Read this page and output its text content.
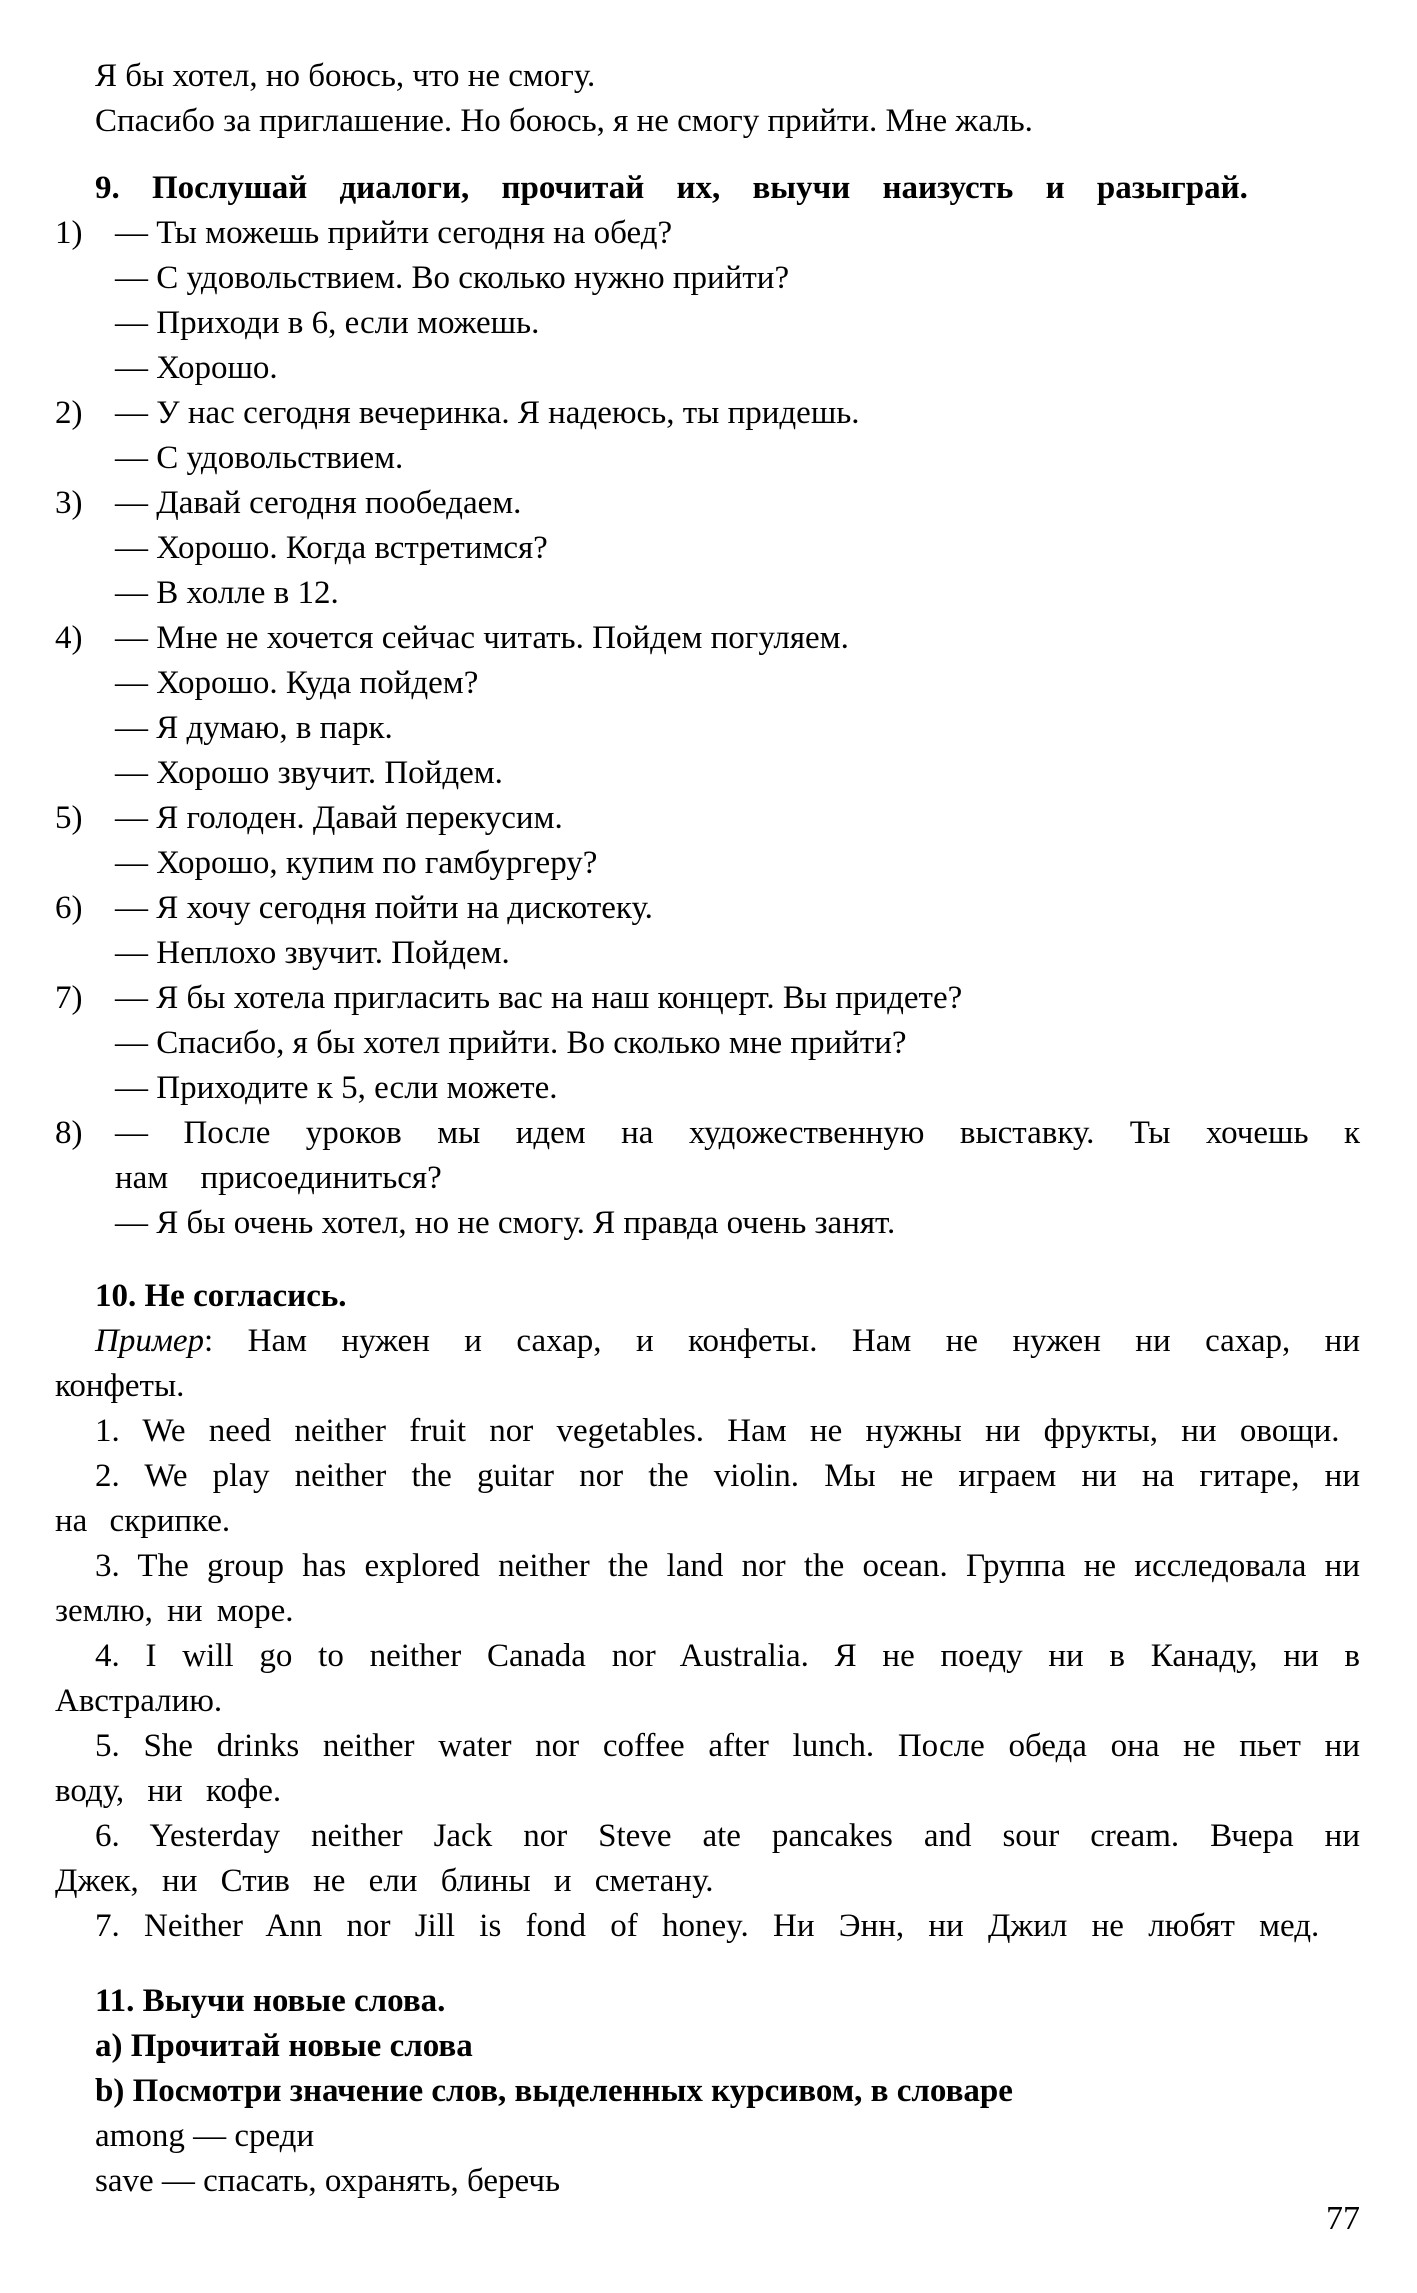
Я бы хотел, но боюсь, что не смогу.

Спасибо за приглашение. Но боюсь, я не смогу прийти. Мне жаль.

9. Послушай диалоги, прочитай их, выучи наизусть и разыграй.

1) — Ты можешь прийти сегодня на обед?

— С удовольствием. Во сколько нужно прийти?

— Приходи в 6, если можешь.

— Хорошо.

2) — У нас сегодня вечеринка. Я надеюсь, ты придешь.

— С удовольствием.

3) — Давай сегодня пообедаем.

— Хорошо. Когда встретимся?

— В холле в 12.

4) — Мне не хочется сейчас читать. Пойдем погуляем.

— Хорошо. Куда пойдем?

— Я думаю, в парк.

— Хорошо звучит. Пойдем.

5) — Я голоден. Давай перекусим.

— Хорошо, купим по гамбургеру?

6) — Я хочу сегодня пойти на дискотеку.

— Неплохо звучит. Пойдем.

7) — Я бы хотела пригласить вас на наш концерт. Вы придете?

— Спасибо, я бы хотел прийти. Во сколько мне прийти?

— Приходите к 5, если можете.

8) — После уроков мы идем на художественную выставку. Ты хочешь к нам присоединиться?

— Я бы очень хотел, но не смогу. Я правда очень занят.

10. Не согласись.

Пример: Нам нужен и сахар, и конфеты. Нам не нужен ни сахар, ни конфеты.

1. We need neither fruit nor vegetables. Нам не нужны ни фрукты, ни овощи.

2. We play neither the guitar nor the violin. Мы не играем ни на гитаре, ни на скрипке.

3. The group has explored neither the land nor the ocean. Группа не исследовала ни землю, ни море.

4. I will go to neither Canada nor Australia. Я не поеду ни в Канаду, ни в Австралию.

5. She drinks neither water nor coffee after lunch. После обеда она не пьет ни воду, ни кофе.

6. Yesterday neither Jack nor Steve ate pancakes and sour cream. Вчера ни Джек, ни Стив не ели блины и сметану.

7. Neither Ann nor Jill is fond of honey. Ни Энн, ни Джил не любят мед.

11. Выучи новые слова.

a) Прочитай новые слова

b) Посмотри значение слов, выделенных курсивом, в словаре

among — среди

save — спасать, охранять, беречь

77
